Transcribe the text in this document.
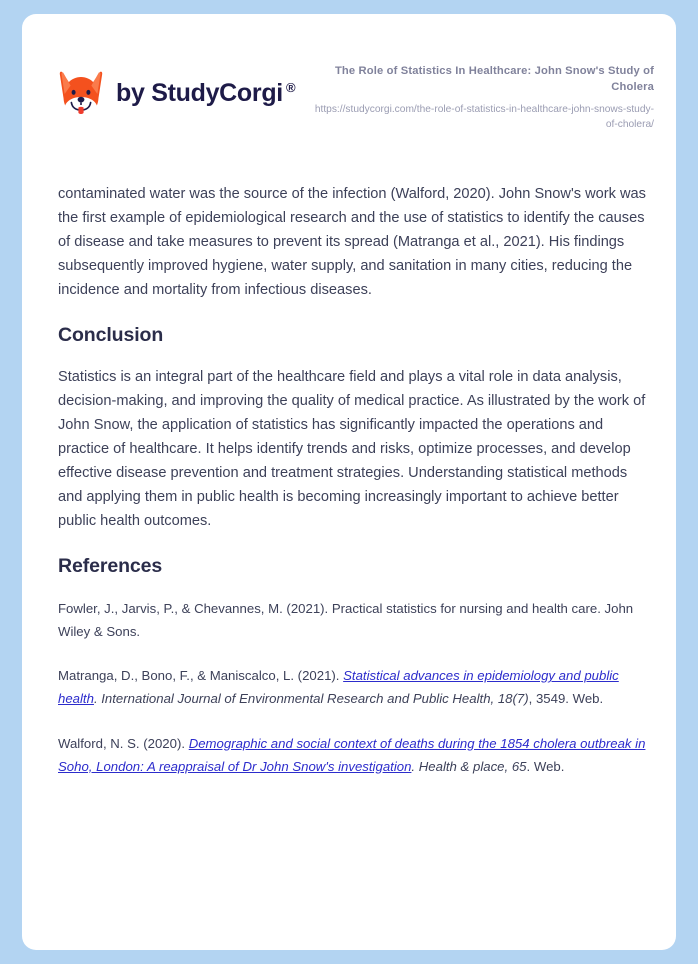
by StudyCorgi ®

The Role of Statistics In Healthcare: John Snow's Study of Cholera

https://studycorgi.com/the-role-of-statistics-in-healthcare-john-snows-study-of-cholera/

contaminated water was the source of the infection (Walford, 2020). John Snow's work was the first example of epidemiological research and the use of statistics to identify the causes of disease and take measures to prevent its spread (Matranga et al., 2021). His findings subsequently improved hygiene, water supply, and sanitation in many cities, reducing the incidence and mortality from infectious diseases.

Conclusion

Statistics is an integral part of the healthcare field and plays a vital role in data analysis, decision-making, and improving the quality of medical practice. As illustrated by the work of John Snow, the application of statistics has significantly impacted the operations and practice of healthcare. It helps identify trends and risks, optimize processes, and develop effective disease prevention and treatment strategies. Understanding statistical methods and applying them in public health is becoming increasingly important to achieve better public health outcomes.

References

Fowler, J., Jarvis, P., & Chevannes, M. (2021). Practical statistics for nursing and health care. John Wiley & Sons.

Matranga, D., Bono, F., & Maniscalco, L. (2021). Statistical advances in epidemiology and public health. International Journal of Environmental Research and Public Health, 18(7), 3549. Web.

Walford, N. S. (2020). Demographic and social context of deaths during the 1854 cholera outbreak in Soho, London: A reappraisal of Dr John Snow's investigation. Health & place, 65. Web.
